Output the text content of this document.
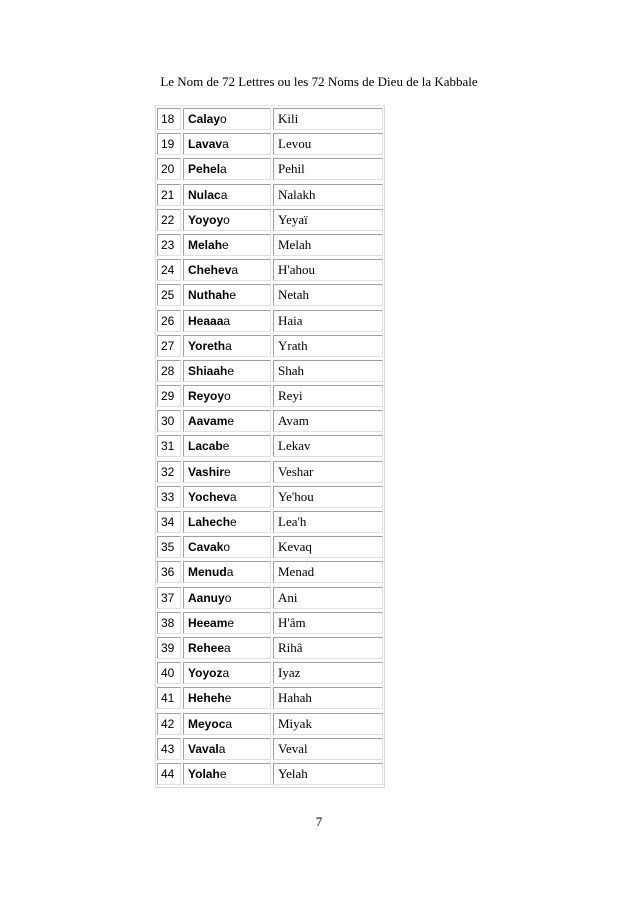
Le Nom de 72 Lettres ou les 72 Noms de Dieu de la Kabbale
18	Calayo	Kili
19	Lavava	Levou
20	Pehela	Pehil
21	Nulaca	Nalakh
22	Yoyoyo	Yeyaï
23	Melahe	Melah
24	Cheheva	H'ahou
25	Nuthahe	Netah
26	Heaaaa	Haia
27	Yoretha	Yrath
28	Shiaahe	Shah
29	Reyoyo	Reyi
30	Aavame	Avam
31	Lacabe	Lekav
32	Vashire	Veshar
33	Yocheva	Ye'hou
34	Laheche	Lea'h
35	Cavako	Kevaq
36	Menuda	Menad
37	Aanuyo	Ani
38	Heeame	H'âm
39	Reheea	Rihâ
40	Yoyoza	Iyaz
41	Hehehe	Hahah
42	Meyoca	Miyak
43	Vavala	Veval
44	Yolahe	Yelah
7
